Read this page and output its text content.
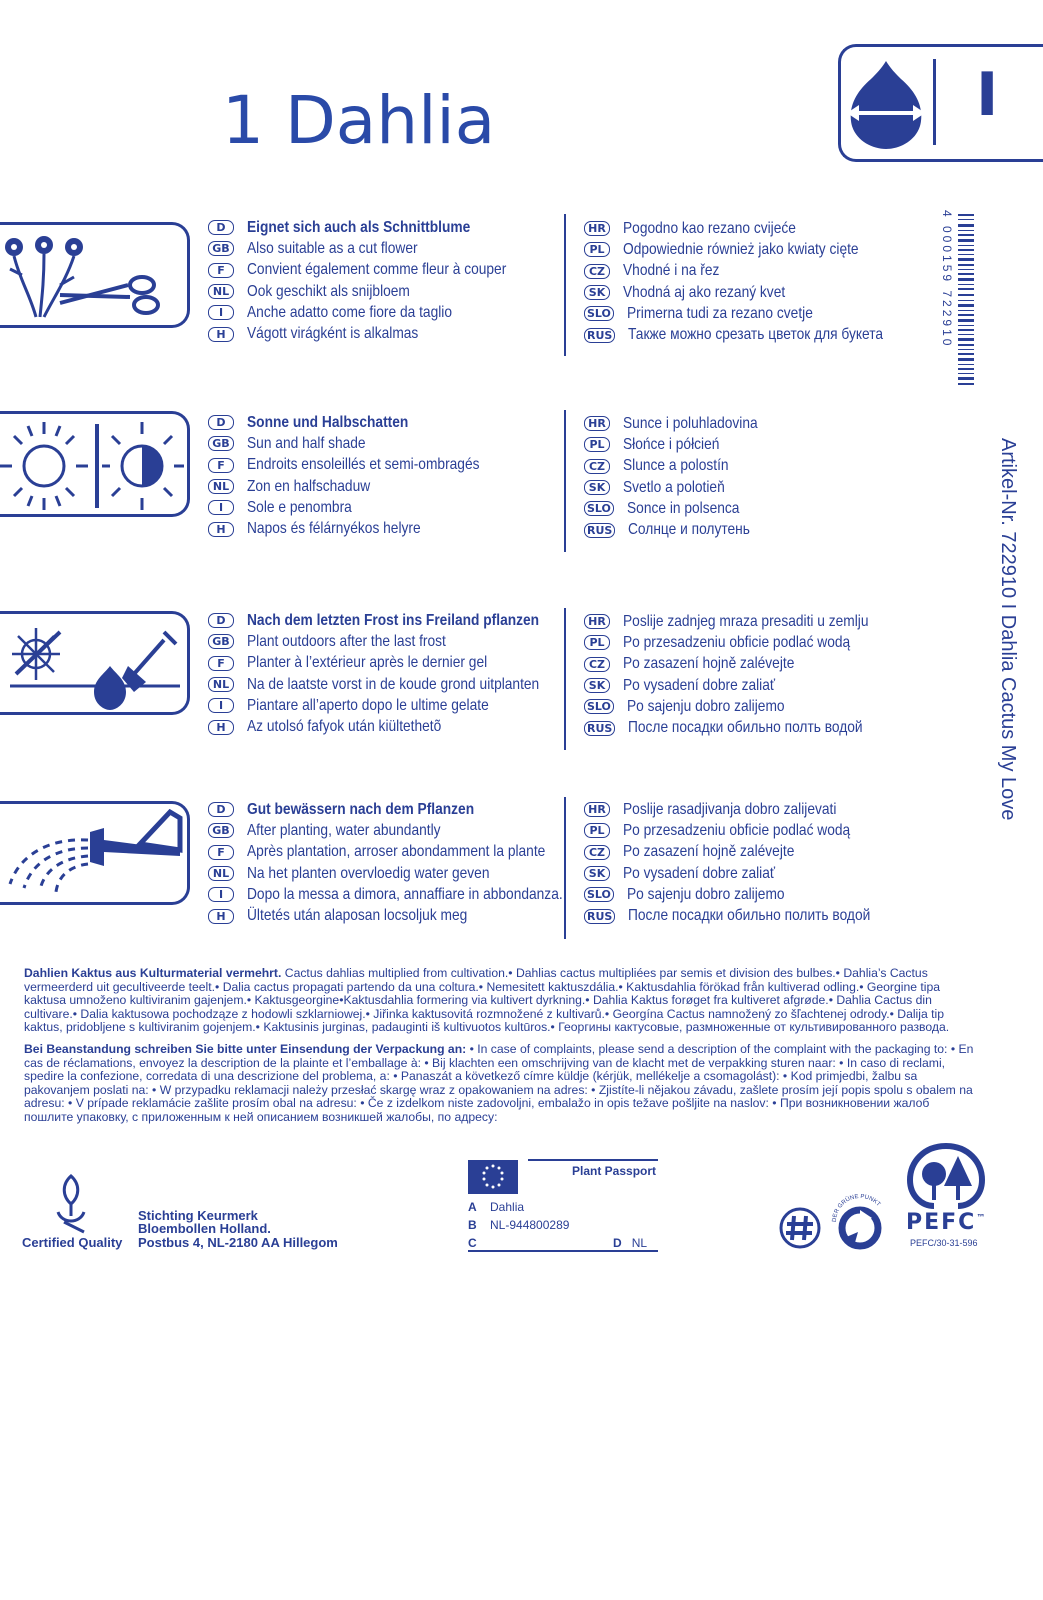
1 Dahlia	I
D	Eignet sich auch als Schnittblume
GB Also suitable as a cut flower
F	Convient également comme fleur à couper
NL	Ook geschikt als snijbloem
I	Anche adatto come fiore da taglio
H	Vágott virágként is alkalmas
HR Pogodno kao rezano cvijeće
PL	Odpowiednie również jako kwiaty cięte
CZ	Vhodné i na řez
SK Vhodná aj ako rezaný kvet
SLO Primerna tudi za rezano cvetje
RUS Также можно срезать цветок для букета
D	Sonne und Halbschatten
GB Sun and half shade
F	Endroits ensoleillés et semi-ombragés
NL	Zon en halfschaduw
I	Sole e penombra
H	Napos és félárnyékos helyre
HR Sunce i poluhladovina
PL	Słońce i półcień
CZ	Slunce a polostín
SK Svetlo a polotieň
SLO Sonce in polsenca
RUS Солнце и полутень
D	Nach dem letzten Frost ins Freiland pflanzen
GB Plant outdoors after the last frost
F	Planter à l’extérieur après le dernier gel
NL	Na de laatste vorst in de koude grond uitplanten
I	Piantare all’aperto dopo le ultime gelate
H	Az utolsó fafyok után kiültethetõ
HR Poslije zadnjeg mraza presaditi u zemlju
PL	Po przesadzeniu obficie podlać wodą
CZ	Po zasazení hojně zalévejte
SK Po vysadení dobre zaliať
SLO Po sajenju dobro zalijemo
RUS После посадки обильно полть водой
D	Gut bewässern nach dem Pflanzen
GB After planting, water abundantly
F	Après plantation, arroser abondamment la plante
NL	Na het planten overvloedig water geven
I	Dopo la messa a dimora, annaffiare in abbondanza.
H	Ültetés után alaposan locsoljuk meg
HR Poslije rasadjivanja dobro zalijevati
PL	Po przesadzeniu obficie podlać wodą
CZ	Po zasazení hojně zalévejte
SK Po vysadení dobre zaliať
SLO Po sajenju dobro zalijemo
RUS После посадки обильно полить водой
4 000159 722910
Artikel-Nr. 722910 I Dahlia Cactus My Love

Dahlien Kaktus aus Kulturmaterial vermehrt. Cactus dahlias multiplied from cultivation.• Dahlias cactus multipliées par semis et division des bulbes.• Dahlia’s Cactus vermeerderd uit gecultiveerde teelt.• Dalia cactus propagati partendo da una coltura.• Nemesitett kaktuszdália.• Kaktusdahlia förökad från kultiverad odling.• Georgine tipa kaktusa umnoženo kultiviranim gajenjem.• Kaktusgeorgine•Kaktusdahlia formering via kultivert dyrkning.• Dahlia Kaktus forøget fra kultiveret afgrøde.• Dahlia Cactus din cultivare.• Dalia kaktusowa pochodząze z hodowli szklarniowej.• Jiřinka kaktusovitá rozmnožené z kultivarů.• Georgína Cactus namnožený zo šľachtenej odrody.• Dalija tip kaktus, pridobljene s kultiviranim gojenjem.• Kaktusinis jurginas, padauginti iš kultivuotos kultūros.• Георгины кактусовые, размноженные от культивированного развода.

Bei Beanstandung schreiben Sie bitte unter Einsendung der Verpackung an: • In case of complaints, please send a description of the complaint with the packaging to: • En cas de réclamations, envoyez la description de la plainte et l’emballage à: • Bij klachten een omschrijving van de klacht met de verpakking sturen naar: • In caso di reclami, spedire la confezione, corredata di una descrizione del problema, a: • Panaszát a következő címre küldje (kérjük, mellékelje a csomagolást): • Kod primjedbi, žalbu sa pakovanjem poslati na: • W przypadku reklamacji należy przesłać skargę wraz z opakowaniem na adres: • Zjistíte-li nějakou závadu, zašlete prosím její popis spolu s obalem na adresu: • V prípade reklamácie zašlite prosím obal na adresu: • Če z izdelkom niste zadovoljni, embalažo in opis težave pošljite na naslov: • При возникновении жалоб пошлите упаковку, с приложенным к ней описанием возникшей жалобы, по адресу:

Certified Quality
Stichting Keurmerk
Bloembollen Holland.
Postbus 4, NL-2180 AA Hillegom
Plant Passport
A Dahlia
B NL-944800289
C	D NL
DER GRÜNE PUNKT
PEFC™
PEFC/30-31-596
